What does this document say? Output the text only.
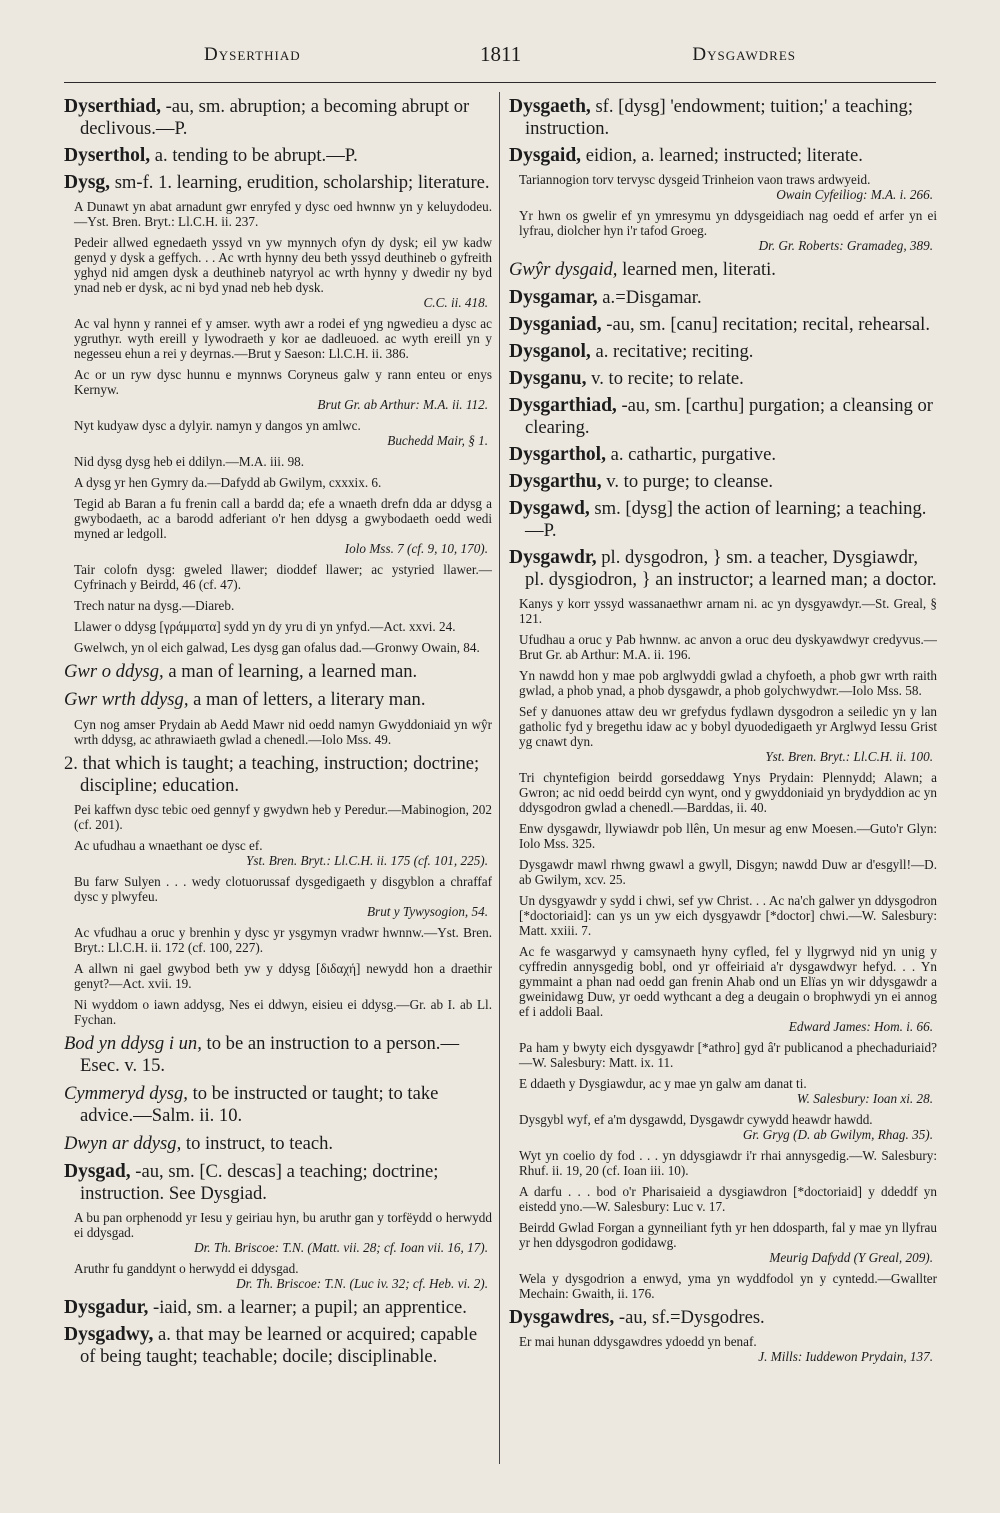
Dyserthiad	1811	Dysgawdres
Dyserthiad, -au, sm. abruption; a becoming abrupt or declivous.—P.
Dyserthol, a. tending to be abrupt.—P.
Dysg, sm-f. 1. learning, erudition, scholarship; literature.
A Dunawt yn abat arnadunt gwr enryfed y dysc oed hwnnw yn y keluydodeu.—Yst. Bren. Bryt.: Ll.C.H. ii. 237.
Pedeir allwed egnedaeth yssyd vn yw mynnych ofyn dy dysk; eil yw kadw genyd y dysk a geffych. . . Ac wrth hynny deu beth yssyd deuthineb o gyfreith yghyd nid amgen dysk a deuthineb natyryol ac wrth hynny y dwedir ny byd ynad neb er dysk, ac ni byd ynad neb heb dysk.
C.C. ii. 418.
Ac val hynn y rannei ef y amser. wyth awr a rodei ef yng ngwedieu a dysc ac ygruthyr. wyth ereill y lywodraeth y kor ae dadleuoed. ac wyth ereill yn y negesseu ehun a rei y deyrnas.—Brut y Saeson: Ll.C.H. ii. 386.
Ac or un ryw dysc hunnu e mynnws Coryneus galw y rann enteu or enys Kernyw.
Brut Gr. ab Arthur: M.A. ii. 112.
Nyt kudyaw dysc a dylyir. namyn y dangos yn amlwc.
Buchedd Mair, § 1.
Nid dysg dysg heb ei ddilyn.—M.A. iii. 98.
A dysg yr hen Gymry da.—Dafydd ab Gwilym, cxxxix. 6.
Tegid ab Baran a fu frenin call a bardd da; efe a wnaeth drefn dda ar ddysg a gwybodaeth, ac a barodd adferiant o'r hen ddysg a gwybodaeth oedd wedi myned ar ledgoll.
Iolo Mss. 7 (cf. 9, 10, 170).
Tair colofn dysg: gweled llawer; dioddef llawer; ac ystyried llawer.—Cyfrinach y Beirdd, 46 (cf. 47).
Trech natur na dysg.—Diareb.
Llawer o ddysg [γράμματα] sydd yn dy yru di yn ynfyd.—Act. xxvi. 24.
Gwelwch, yn ol eich galwad, Les dysg gan ofalus dad.—Gronwy Owain, 84.
Gwr o ddysg, a man of learning, a learned man.
Gwr wrth ddysg, a man of letters, a literary man.
Cyn nog amser Prydain ab Aedd Mawr nid oedd namyn Gwyddoniaid yn wŷr wrth ddysg, ac athrawiaeth gwlad a chenedl.—Iolo Mss. 49.
2. that which is taught; a teaching, instruction; doctrine; discipline; education.
Pei kaffwn dysc tebic oed gennyf y gwydwn heb y Peredur.—Mabinogion, 202 (cf. 201).
Ac ufudhau a wnaethant oe dysc ef.
Yst. Bren. Bryt.: Ll.C.H. ii. 175 (cf. 101, 225).
Bu farw Sulyen . . . wedy clotuorussaf dysgedigaeth y disgyblon a chraffaf dysc y plwyfeu.
Brut y Tywysogion, 54.
Ac vfudhau a oruc y brenhin y dysc yr ysgymyn vradwr hwnnw.—Yst. Bren. Bryt.: Ll.C.H. ii. 172 (cf. 100, 227).
A allwn ni gael gwybod beth yw y ddysg [διδαχή] newydd hon a draethir genyt?—Act. xvii. 19.
Ni wyddom o iawn addysg, Nes ei ddwyn, eisieu ei ddysg.—Gr. ab I. ab Ll. Fychan.
Bod yn ddysg i un, to be an instruction to a person.—Esec. v. 15.
Cymmeryd dysg, to be instructed or taught; to take advice.—Salm. ii. 10.
Dwyn ar ddysg, to instruct, to teach.
Dysgad, -au, sm. [C. descas] a teaching; doctrine; instruction. See Dysgiad.
A bu pan orphenodd yr Iesu y geiriau hyn, bu aruthr gan y torfëydd o herwydd ei ddysgad.
Dr. Th. Briscoe: T.N. (Matt. vii. 28; cf. Ioan vii. 16, 17).
Aruthr fu ganddynt o herwydd ei ddysgad.
Dr. Th. Briscoe: T.N. (Luc iv. 32; cf. Heb. vi. 2).
Dysgadur, -iaid, sm. a learner; a pupil; an apprentice.
Dysgadwy, a. that may be learned or acquired; capable of being taught; teachable; docile; disciplinable.
Dysgaeth, sf. [dysg] 'endowment; tuition;' a teaching; instruction.
Dysgaid, eidion, a. learned; instructed; literate.
Tariannogion torv tervysc dysgeid Trinheion vaon traws ardwyeid.
Owain Cyfeiliog: M.A. i. 266.
Yr hwn os gwelir ef yn ymresymu yn ddysgeidiach nag oedd ef arfer yn ei lyfrau, diolcher hyn i'r tafod Groeg.
Dr. Gr. Roberts: Gramadeg, 389.
Gwŷr dysgaid, learned men, literati.
Dysgamar, a.=Disgamar.
Dysganiad, -au, sm. [canu] recitation; recital, rehearsal.
Dysganol, a. recitative; reciting.
Dysganu, v. to recite; to relate.
Dysgarthiad, -au, sm. [carthu] purgation; a cleansing or clearing.
Dysgarthol, a. cathartic, purgative.
Dysgarthu, v. to purge; to cleanse.
Dysgawd, sm. [dysg] the action of learning; a teaching.—P.
Dysgawdr, pl. dysgodron, } sm. a teacher, Dysgiawdr, pl. dysgiodron, } an instructor; a learned man; a doctor.
Kanys y korr yssyd wassanaethwr arnam ni. ac yn dysgyawdyr.—St. Greal, § 121.
Ufudhau a oruc y Pab hwnnw. ac anvon a oruc deu dyskyawdwyr credyvus.—Brut Gr. ab Arthur: M.A. ii. 196.
Yn nawdd hon y mae pob arglwyddi gwlad a chyfoeth, a phob gwr wrth raith gwlad, a phob ynad, a phob dysgawdr, a phob golychwydwr.—Iolo Mss. 58.
Sef y danuones attaw deu wr grefydus fydlawn dysgodron a seiledic yn y lan gatholic fyd y bregethu idaw ac y bobyl dyuodedigaeth yr Arglwyd Iessu Grist yg cnawt dyn.
Yst. Bren. Bryt.: Ll.C.H. ii. 100.
Tri chyntefigion beirdd gorseddawg Ynys Prydain: Plennydd; Alawn; a Gwron; ac nid oedd beirdd cyn wynt, ond y gwyddoniaid yn brydyddion ac yn ddysgodron gwlad a chenedl.—Barddas, ii. 40.
Enw dysgawdr, llywiawdr pob llên, Un mesur ag enw Moesen.—Guto'r Glyn: Iolo Mss. 325.
Dysgawdr mawl rhwng gwawl a gwyll, Disgyn; nawdd Duw ar d'esgyll!—D. ab Gwilym, xcv. 25.
Un dysgyawdr y sydd i chwi, sef yw Christ. . . Ac na'ch galwer yn ddysgodron [*doctoriaid]: can ys un yw eich dysgyawdr [*doctor] chwi.—W. Salesbury: Matt. xxiii. 7.
Ac fe wasgarwyd y camsynaeth hyny cyfled, fel y llygrwyd nid yn unig y cyffredin annysgedig bobl, ond yr offeiriaid a'r dysgawdwyr hefyd. . . Yn gymmaint a phan nad oedd gan frenin Ahab ond un Elïas yn wir ddysgawdr a gweinidawg Duw, yr oedd wythcant a deg a deugain o brophwydi yn ei annog ef i addoli Baal.
Edward James: Hom. i. 66.
Pa ham y bwyty eich dysgyawdr [*athro] gyd â'r publicanod a phechaduriaid?—W. Salesbury: Matt. ix. 11.
E ddaeth y Dysgiawdur, ac y mae yn galw am danat ti.
W. Salesbury: Ioan xi. 28.
Dysgybl wyf, ef a'm dysgawdd, Dysgawdr cywydd heawdr hawdd.
Gr. Gryg (D. ab Gwilym, Rhag. 35).
Wyt yn coelio dy fod . . . yn ddysgiawdr i'r rhai annysgedig.—W. Salesbury: Rhuf. ii. 19, 20 (cf. Ioan iii. 10).
A darfu . . . bod o'r Pharisaieid a dysgiawdron [*doctoriaid] y ddeddf yn eistedd yno.—W. Salesbury: Luc v. 17.
Beirdd Gwlad Forgan a gynneiliant fyth yr hen ddosparth, fal y mae yn llyfrau yr hen ddysgodron godidawg.
Meurig Dafydd (Y Greal, 209).
Wela y dysgodrion a enwyd, yma yn wyddfodol yn y cyntedd.—Gwallter Mechain: Gwaith, ii. 176.
Dysgawdres, -au, sf.=Dysgodres.
Er mai hunan ddysgawdres ydoedd yn benaf.
J. Mills: Iuddewon Prydain, 137.
